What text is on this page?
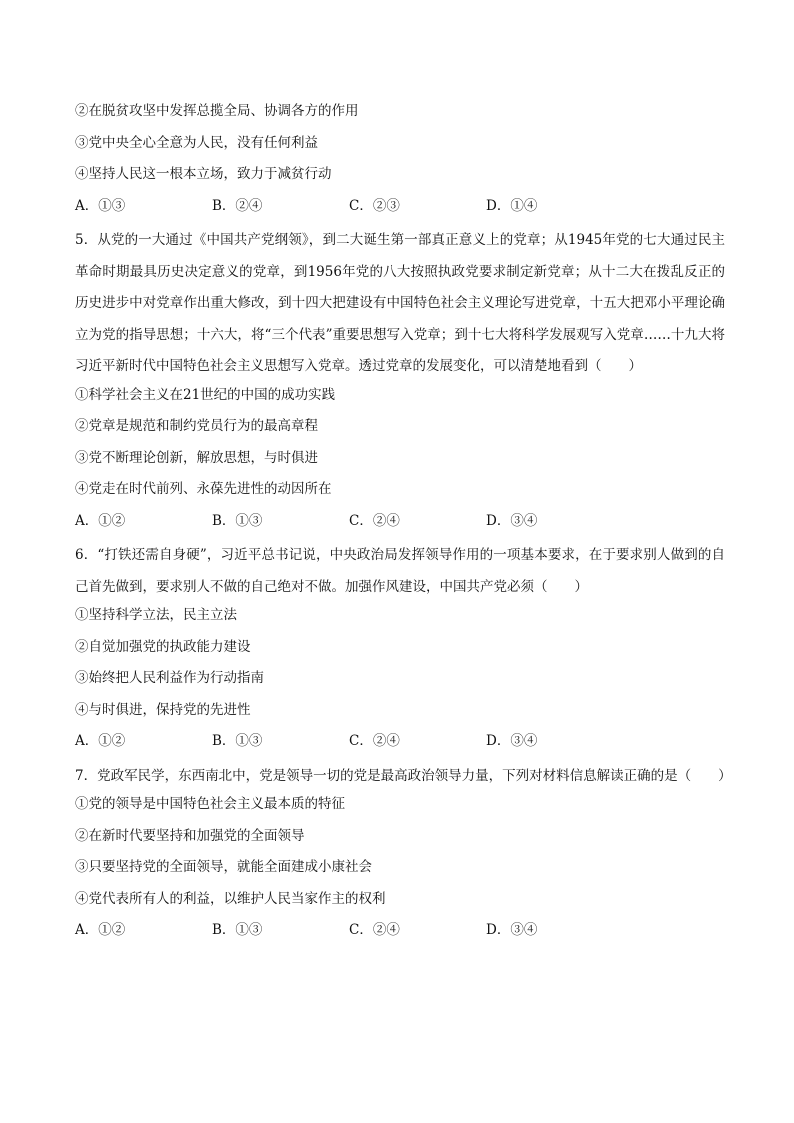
②在脱贫攻坚中发挥总揽全局、协调各方的作用
③党中央全心全意为人民，没有任何利益
④坚持人民这一根本立场，致力于减贫行动
A．①③	B．②④	C．②③	D．①④
5．从党的一大通过《中国共产党纲领》，到二大诞生第一部真正意义上的党章；从1945年党的七大通过民主革命时期最具历史决定意义的党章，到1956年党的八大按照执政党要求制定新党章；从十二大在拨乱反正的历史进步中对党章作出重大修改，到十四大把建设有中国特色社会主义理论写进党章，十五大把邓小平理论确立为党的指导思想；十六大，将“三个代表”重要思想写入党章；到十七大将科学发展观写入党章……十九大将习近平新时代中国特色社会主义思想写入党章。透过党章的发展变化，可以清楚地看到（　　）
①科学社会主义在21世纪的中国的成功实践
②党章是规范和制约党员行为的最高章程
③党不断理论创新，解放思想，与时俱进
④党走在时代前列、永葆先进性的动因所在
A．①②	B．①③	C．②④	D．③④
6．“打铁还需自身硬”，习近平总书记说，中央政治局发挥领导作用的一项基本要求，在于要求别人做到的自己首先做到，要求别人不做的自己绝对不做。加强作风建设，中国共产党必须（　　）
①坚持科学立法，民主立法
②自觉加强党的执政能力建设
③始终把人民利益作为行动指南
④与时俱进，保持党的先进性
A．①②	B．①③	C．②④	D．③④
7．党政军民学，东西南北中，党是领导一切的党是最高政治领导力量，下列对材料信息解读正确的是（　　）
①党的领导是中国特色社会主义最本质的特征
②在新时代要坚持和加强党的全面领导
③只要坚持党的全面领导，就能全面建成小康社会
④党代表所有人的利益，以维护人民当家作主的权利
A．①②	B．①③	C．②④	D．③④
